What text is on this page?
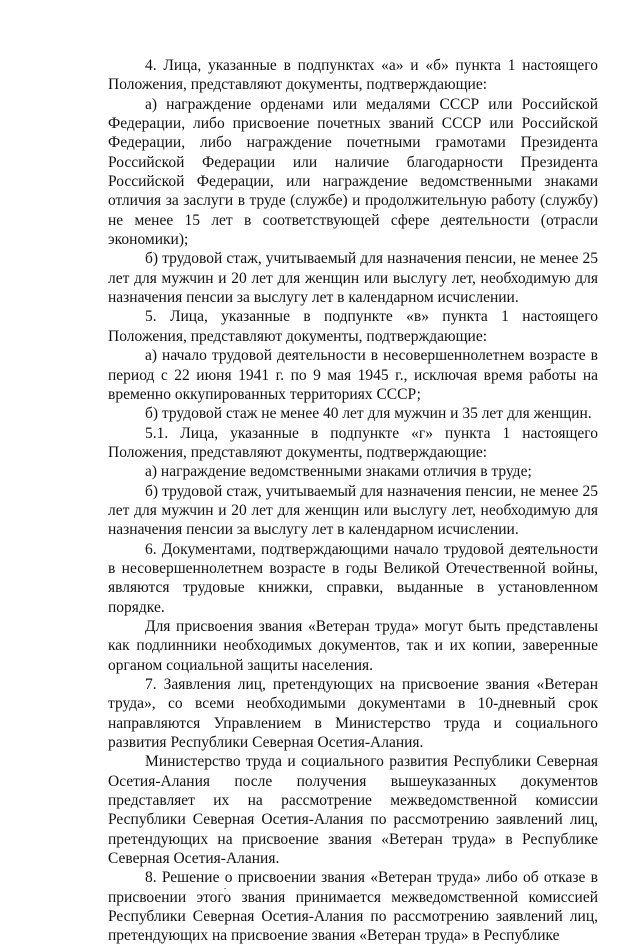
4. Лица, указанные в подпунктах «а» и «б» пункта 1 настоящего Положения, представляют документы, подтверждающие:

а) награждение орденами или медалями СССР или Российской Федерации, либо присвоение почетных званий СССР или Российской Федерации, либо награждение почетными грамотами Президента Российской Федерации или наличие благодарности Президента Российской Федерации, или награждение ведомственными знаками отличия за заслуги в труде (службе) и продолжительную работу (службу) не менее 15 лет в соответствующей сфере деятельности (отрасли экономики);

б) трудовой стаж, учитываемый для назначения пенсии, не менее 25 лет для мужчин и 20 лет для женщин или выслугу лет, необходимую для назначения пенсии за выслугу лет в календарном исчислении.

5. Лица, указанные в подпункте «в» пункта 1 настоящего Положения, представляют документы, подтверждающие:

а) начало трудовой деятельности в несовершеннолетнем возрасте в период с 22 июня 1941 г. по 9 мая 1945 г., исключая время работы на временно оккупированных территориях СССР;

б) трудовой стаж не менее 40 лет для мужчин и 35 лет для женщин.

5.1. Лица, указанные в подпункте «г» пункта 1 настоящего Положения, представляют документы, подтверждающие:

а) награждение ведомственными знаками отличия в труде;

б) трудовой стаж, учитываемый для назначения пенсии, не менее 25 лет для мужчин и 20 лет для женщин или выслугу лет, необходимую для назначения пенсии за выслугу лет в календарном исчислении.

6. Документами, подтверждающими начало трудовой деятельности в несовершеннолетнем возрасте в годы Великой Отечественной войны, являются трудовые книжки, справки, выданные в установленном порядке.

Для присвоения звания «Ветеран труда» могут быть представлены как подлинники необходимых документов, так и их копии, заверенные органом социальной защиты населения.

7. Заявления лиц, претендующих на присвоение звания «Ветеран труда», со всеми необходимыми документами в 10-дневный срок направляются Управлением в Министерство труда и социального развития Республики Северная Осетия-Алания.

Министерство труда и социального развития Республики Северная Осетия-Алания после получения вышеуказанных документов представляет их на рассмотрение межведомственной комиссии Республики Северная Осетия-Алания по рассмотрению заявлений лиц, претендующих на присвоение звания «Ветеран труда» в Республике Северная Осетия-Алания.

8. Решение о присвоении звания «Ветеран труда» либо об отказе в присвоении этого звания принимается межведомственной комиссией Республики Северная Осетия-Алания по рассмотрению заявлений лиц, претендующих на присвоение звания «Ветеран труда» в Республике
